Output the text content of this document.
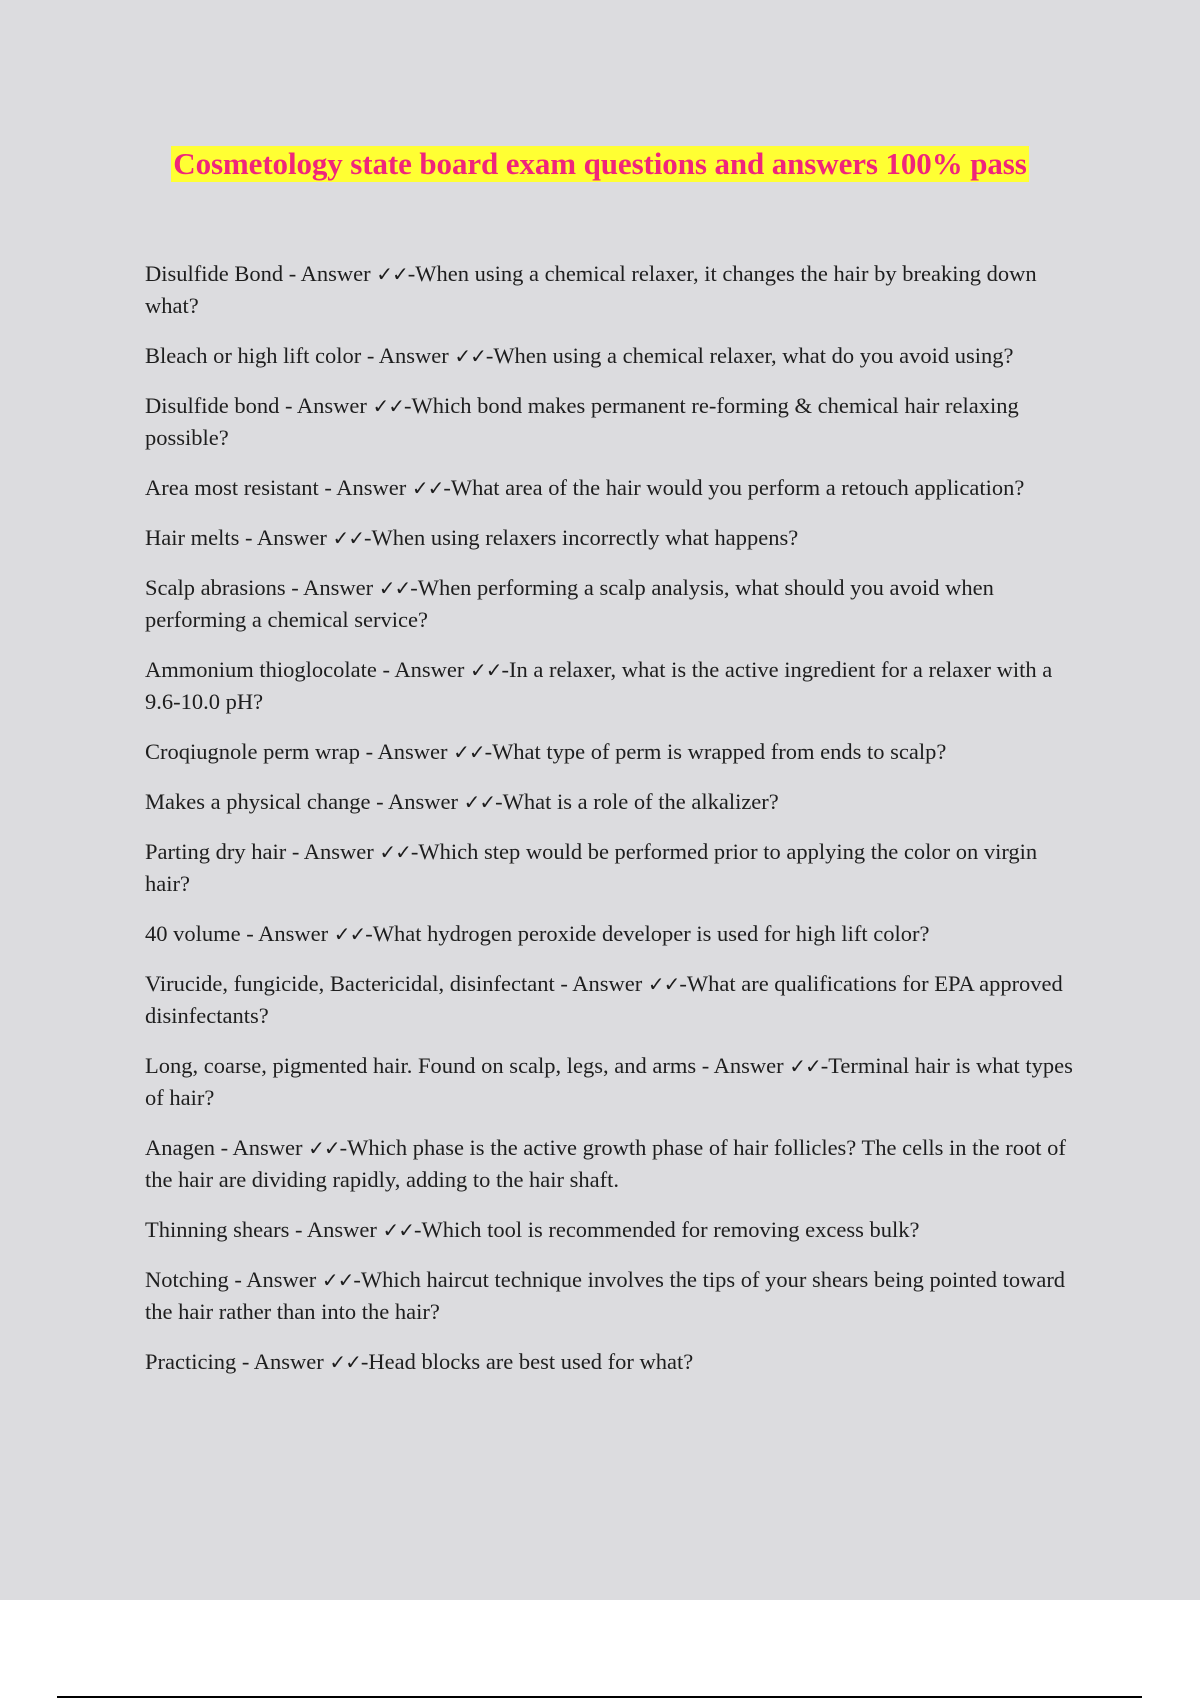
Cosmetology state board exam questions and answers 100% pass
Disulfide Bond - Answer ✓✓-When using a chemical relaxer, it changes the hair by breaking down what?
Bleach or high lift color - Answer ✓✓-When using a chemical relaxer, what do you avoid using?
Disulfide bond - Answer ✓✓-Which bond makes permanent re-forming & chemical hair relaxing possible?
Area most resistant - Answer ✓✓-What area of the hair would you perform a retouch application?
Hair melts - Answer ✓✓-When using relaxers incorrectly what happens?
Scalp abrasions - Answer ✓✓-When performing a scalp analysis, what should you avoid when performing a chemical service?
Ammonium thioglocolate - Answer ✓✓-In a relaxer, what is the active ingredient for a relaxer with a 9.6-10.0 pH?
Croqiugnole perm wrap - Answer ✓✓-What type of perm is wrapped from ends to scalp?
Makes a physical change - Answer ✓✓-What is a role of the alkalizer?
Parting dry hair - Answer ✓✓-Which step would be performed prior to applying the color on virgin hair?
40 volume - Answer ✓✓-What hydrogen peroxide developer is used for high lift color?
Virucide, fungicide, Bactericidal, disinfectant - Answer ✓✓-What are qualifications for EPA approved disinfectants?
Long, coarse, pigmented hair. Found on scalp, legs, and arms - Answer ✓✓-Terminal hair is what types of hair?
Anagen - Answer ✓✓-Which phase is the active growth phase of hair follicles? The cells in the root of the hair are dividing rapidly, adding to the hair shaft.
Thinning shears - Answer ✓✓-Which tool is recommended for removing excess bulk?
Notching - Answer ✓✓-Which haircut technique involves the tips of your shears being pointed toward the hair rather than into the hair?
Practicing - Answer ✓✓-Head blocks are best used for what?
